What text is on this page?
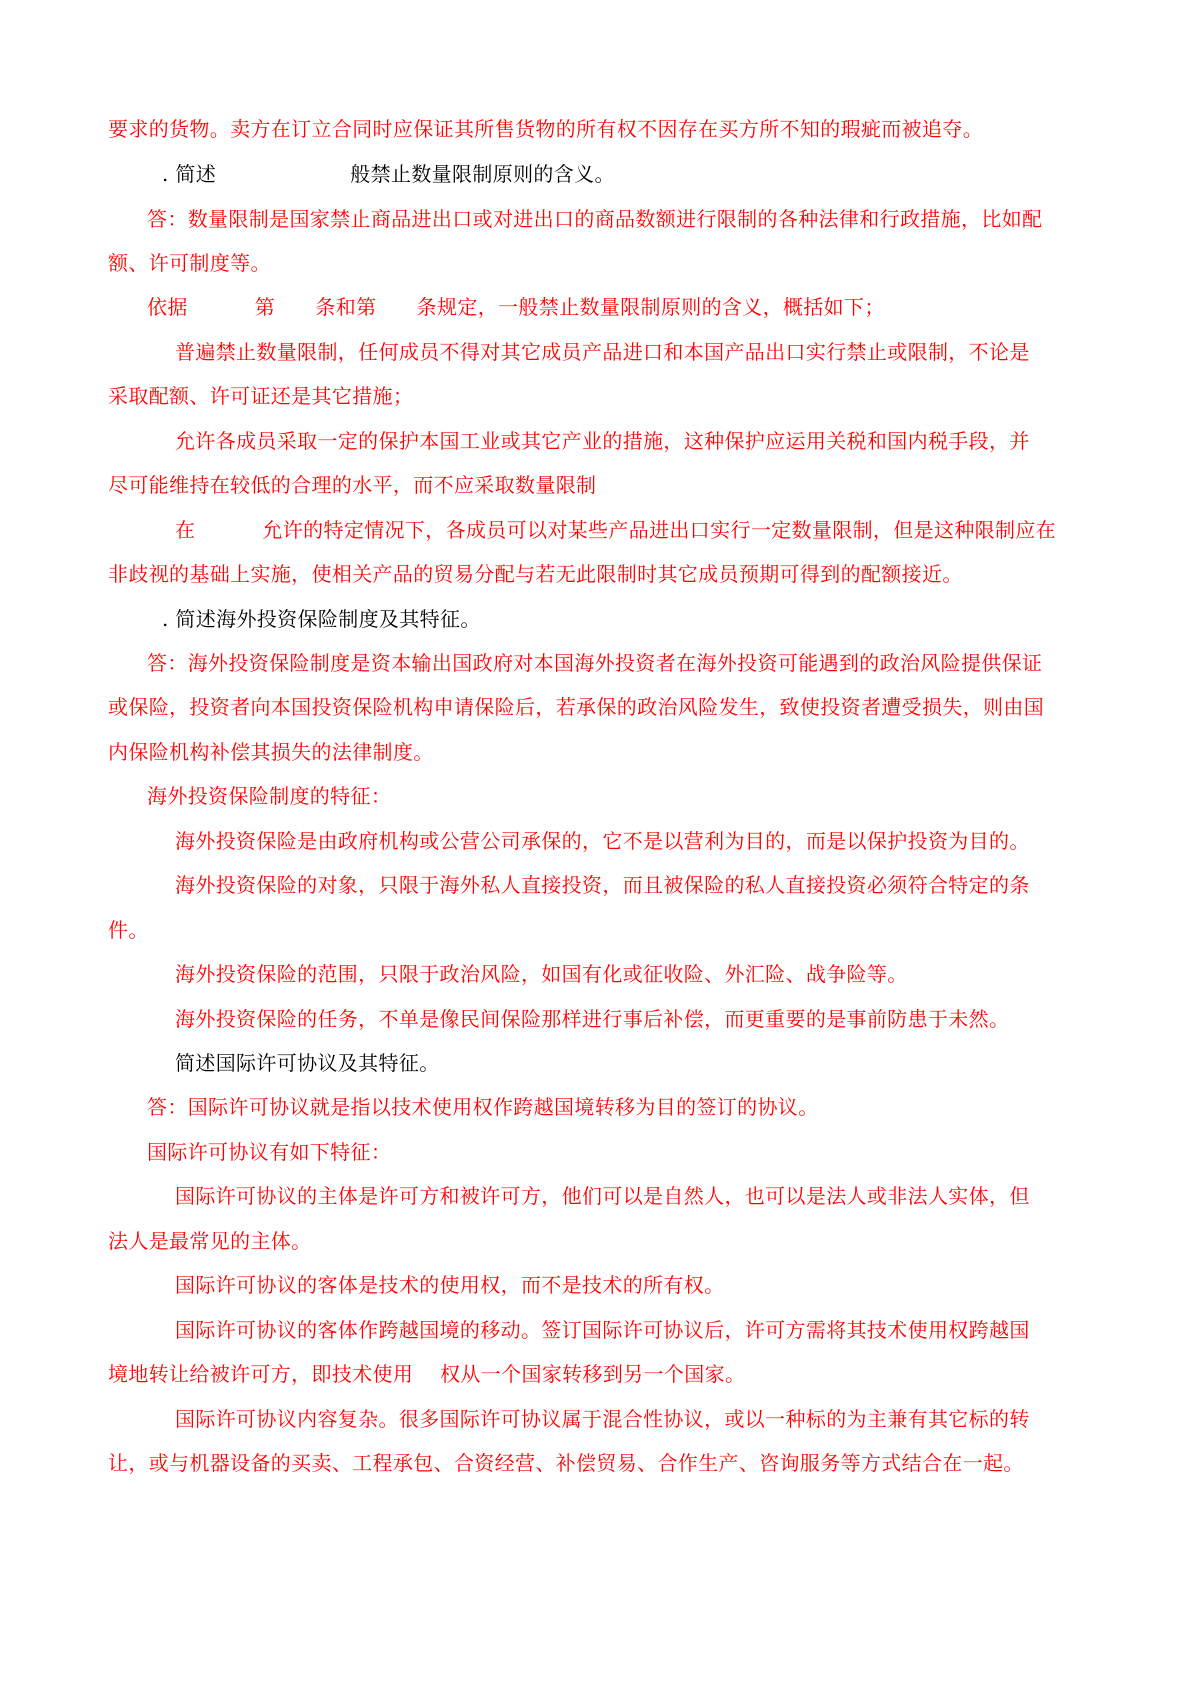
要求的货物。卖方在订立合同时应保证其所售货物的所有权不因存在买方所不知的瑕疵而被追夺。

. 简述                    般禁止数量限制原则的含义。

答：数量限制是国家禁止商品进出口或对进出口的商品数额进行限制的各种法律和行政措施，比如配

额、许可制度等。

依据          第      条和第      条规定，一般禁止数量限制原则的含义，概括如下；

普遍禁止数量限制，任何成员不得对其它成员产品进口和本国产品出口实行禁止或限制，不论是

采取配额、许可证还是其它措施；

允许各成员采取一定的保护本国工业或其它产业的措施，这种保护应运用关税和国内税手段，并

尽可能维持在较低的合理的水平，而不应采取数量限制

在          允许的特定情况下，各成员可以对某些产品进出口实行一定数量限制，但是这种限制应在

非歧视的基础上实施，使相关产品的贸易分配与若无此限制时其它成员预期可得到的配额接近。

. 简述海外投资保险制度及其特征。

答：海外投资保险制度是资本输出国政府对本国海外投资者在海外投资可能遇到的政治风险提供保证

或保险，投资者向本国投资保险机构申请保险后，若承保的政治风险发生，致使投资者遭受损失，则由国

内保险机构补偿其损失的法律制度。

海外投资保险制度的特征：

海外投资保险是由政府机构或公营公司承保的，它不是以营利为目的，而是以保护投资为目的。

海外投资保险的对象，只限于海外私人直接投资，而且被保险的私人直接投资必须符合特定的条

件。

海外投资保险的范围，只限于政治风险，如国有化或征收险、外汇险、战争险等。

海外投资保险的任务，不单是像民间保险那样进行事后补偿，而更重要的是事前防患于未然。

简述国际许可协议及其特征。

答：国际许可协议就是指以技术使用权作跨越国境转移为目的签订的协议。

国际许可协议有如下特征：

国际许可协议的主体是许可方和被许可方，他们可以是自然人，也可以是法人或非法人实体，但

法人是最常见的主体。

国际许可协议的客体是技术的使用权，而不是技术的所有权。

国际许可协议的客体作跨越国境的移动。签订国际许可协议后，许可方需将其技术使用权跨越国

境地转让给被许可方，即技术使用    权从一个国家转移到另一个国家。

国际许可协议内容复杂。很多国际许可协议属于混合性协议，或以一种标的为主兼有其它标的转

让，或与机器设备的买卖、工程承包、合资经营、补偿贸易、合作生产、咨询服务等方式结合在一起。
